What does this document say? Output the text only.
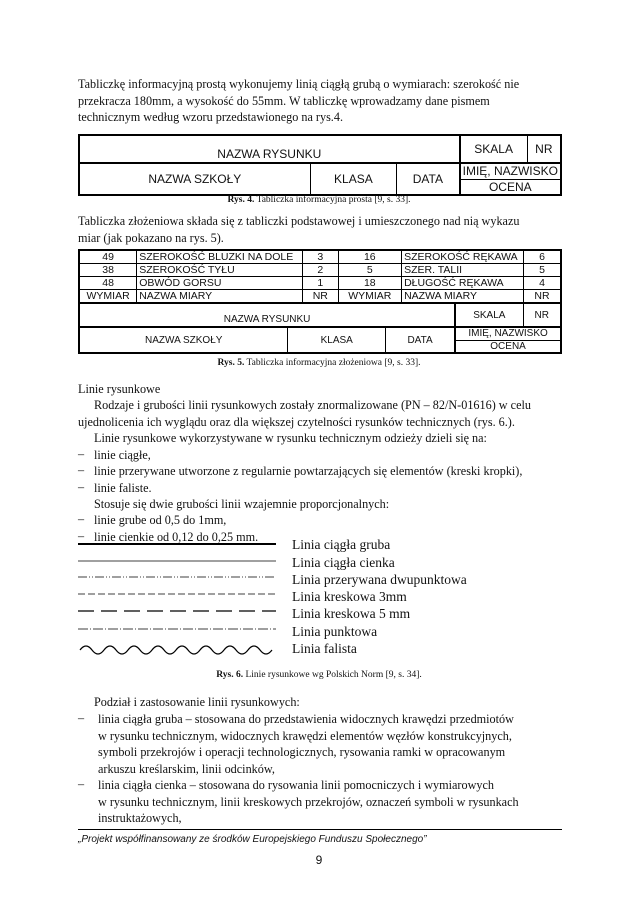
Tabliczkę informacyjną prostą wykonujemy linią ciągłą grubą o wymiarach: szerokość nie
przekracza 180mm, a wysokość do 55mm. W tabliczkę wprowadzamy dane pismem
technicznym według wzoru przedstawionego na rys.4.
NAZWA RYSUNKU			SKALA	NR
NAZWA SZKOŁY	KLASA	DATA	IMIĘ, NAZWISKO	
			OCENA	
Rys. 4. Tabliczka informacyjna prosta [9, s. 33].
Tabliczka złożeniowa składa się z tabliczki podstawowej i umieszczonego nad nią wykazu
miar (jak pokazano na rys. 5).
49	SZEROKOŚĆ BLUZKI NA DOLE	3	16	SZEROKOŚĆ RĘKAWA	6
38	SZEROKOŚĆ TYŁU	2	5	SZER. TALII	5
48	OBWÓD GORSU	1	18	DŁUGOŚĆ RĘKAWA	4
WYMIAR	NAZWA MIARY	NR	WYMIAR	NAZWA MIARY	NR
NAZWA RYSUNKU			SKALA	NR
NAZWA SZKOŁY	KLASA	DATA	IMIĘ, NAZWISKO	
			OCENA	
Rys. 5. Tabliczka informacyjna złożeniowa [9, s. 33].
Linie rysunkowe
Rodzaje i grubości linii rysunkowych zostały znormalizowane (PN – 82/N-01616) w celu
ujednolicenia ich wyglądu oraz dla większej czytelności rysunków technicznych (rys. 6.).
Linie rysunkowe wykorzystywane w rysunku technicznym odzieży dzieli się na:
– linie ciągłe,
– linie przerywane utworzone z regularnie powtarzających się elementów (kreski kropki),
– linie faliste.
Stosuje się dwie grubości linii wzajemnie proporcjonalnych:
– linie grube od 0,5 do 1mm,
– linie cienkie od 0,12 do 0,25 mm.	Linia ciągła gruba
Linia ciągła cienka
Linia przerywana dwupunktowa
Linia kreskowa 3mm
Linia kreskowa 5 mm
Linia punktowa
Linia falista
Rys. 6. Linie rysunkowe wg Polskich Norm [9, s. 34].
Podział i zastosowanie linii rysunkowych:
– linia ciągła gruba – stosowana do przedstawienia widocznych krawędzi przedmiotów
w rysunku technicznym, widocznych krawędzi elementów węzłów konstrukcyjnych,
symboli przekrojów i operacji technologicznych, rysowania ramki w opracowanym
arkuszu kreślarskim, linii odcinków,
– linia ciągła cienka – stosowana do rysowania linii pomocniczych i wymiarowych
w rysunku technicznym, linii kreskowych przekrojów, oznaczeń symboli w rysunkach
instruktażowych,
„Projekt współfinansowany ze środków Europejskiego Funduszu Społecznego”
9
